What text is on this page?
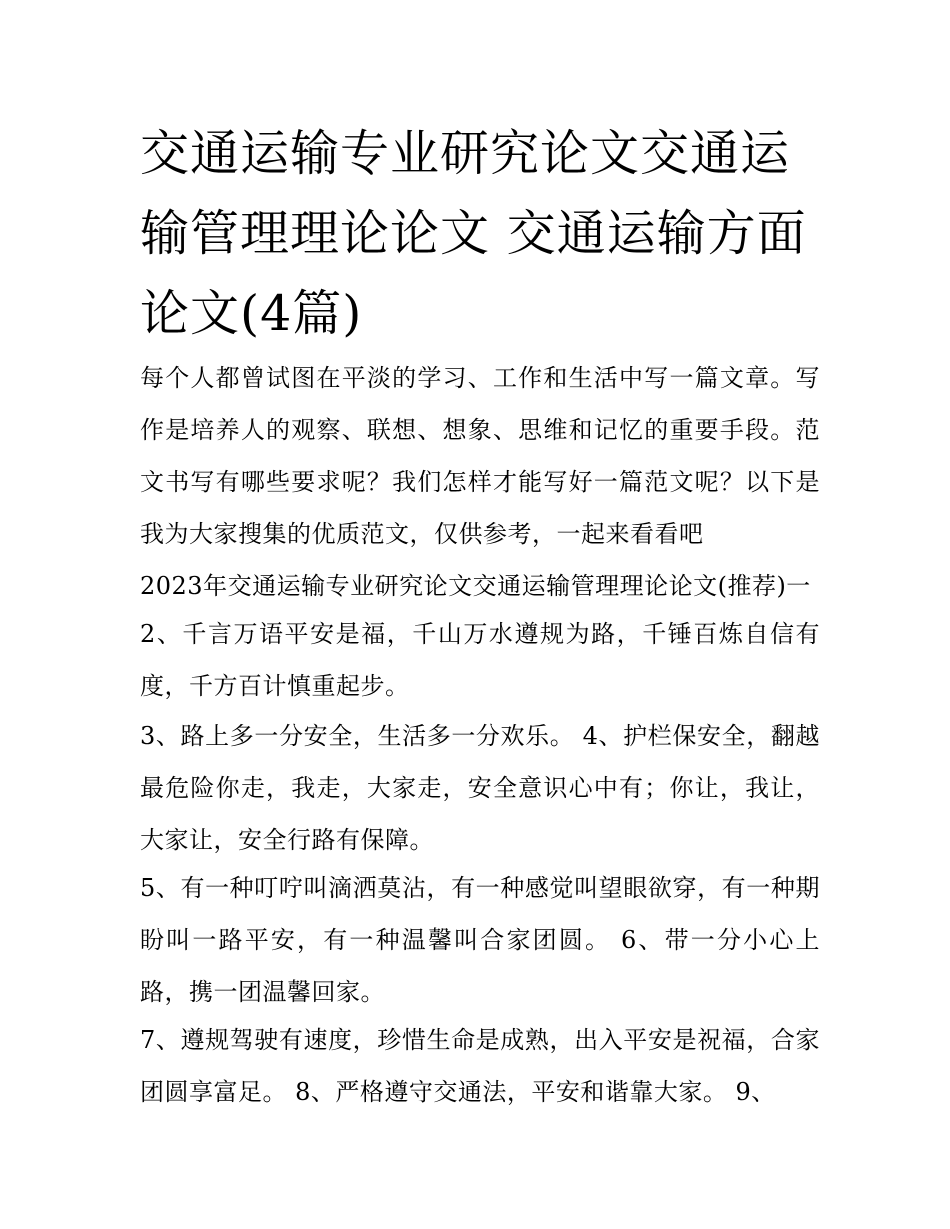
交通运输专业研究论文交通运输管理理论论文 交通运输方面论文(4篇)

每个人都曾试图在平淡的学习、工作和生活中写一篇文章。写作是培养人的观察、联想、想象、思维和记忆的重要手段。范文书写有哪些要求呢？我们怎样才能写好一篇范文呢？以下是我为大家搜集的优质范文，仅供参考，一起来看看吧

2023年交通运输专业研究论文交通运输管理理论论文(推荐)一

2、千言万语平安是福，千山万水遵规为路，千锤百炼自信有度，千方百计慎重起步。

3、路上多一分安全，生活多一分欢乐。 4、护栏保安全，翻越最危险你走，我走，大家走，安全意识心中有；你让，我让，大家让，安全行路有保障。

5、有一种叮咛叫滴洒莫沾，有一种感觉叫望眼欲穿，有一种期盼叫一路平安，有一种温馨叫合家团圆。 6、带一分小心上路，携一团温馨回家。

7、遵规驾驶有速度，珍惜生命是成熟，出入平安是祝福，合家团圆享富足。 8、严格遵守交通法，平安和谐靠大家。 9、
